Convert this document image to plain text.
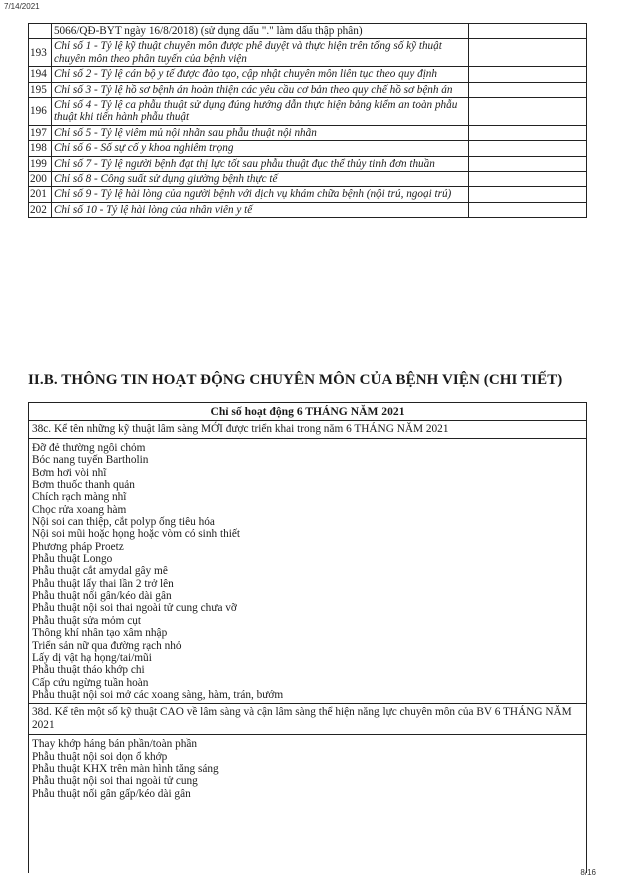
7/14/2021
	5066/QĐ-BYT ngày 16/8/2018) (sử dụng dấu "." làm dấu thập phân)	
193	Chỉ số 1 - Tỷ lệ kỹ thuật chuyên môn được phê duyệt và thực hiện trên tổng số kỹ thuật chuyên môn theo phân tuyến của bệnh viện	
194	Chỉ số 2 - Tỷ lệ cán bộ y tế được đào tạo, cập nhật chuyên môn liên tục theo quy định	
195	Chỉ số 3 - Tỷ lệ hồ sơ bệnh án hoàn thiện các yêu cầu cơ bản theo quy chế hồ sơ bệnh án	
196	Chỉ số 4 - Tỷ lệ ca phẫu thuật sử dụng đúng hướng dẫn thực hiện bảng kiểm an toàn phẫu thuật khi tiến hành phẫu thuật	
197	Chỉ số 5 - Tỷ lệ viêm mủ nội nhãn sau phẫu thuật nội nhãn	
198	Chỉ số 6 - Số sự cố y khoa nghiêm trọng	
199	Chỉ số 7 - Tỷ lệ người bệnh đạt thị lực tốt sau phẫu thuật đục thể thủy tinh đơn thuần	
200	Chỉ số 8 - Công suất sử dụng giường bệnh thực tế	
201	Chỉ số 9 - Tỷ lệ hài lòng của người bệnh với dịch vụ khám chữa bệnh (nội trú, ngoại trú)	
202	Chỉ số 10 - Tỷ lệ hài lòng của nhân viên y tế	
II.B. THÔNG TIN HOẠT ĐỘNG CHUYÊN MÔN CỦA BỆNH VIỆN (CHI TIẾT)
Chỉ số hoạt động 6 THÁNG NĂM 2021
38c. Kể tên những kỹ thuật lâm sàng MỚI được triển khai trong năm 6 THÁNG NĂM 2021
Đỡ đẻ thường ngôi chỏm
Bóc nang tuyến Bartholin
Bơm hơi vòi nhĩ
Bơm thuốc thanh quản
Chích rạch màng nhĩ
Chọc rửa xoang hàm
Nội soi can thiệp, cắt polyp ống tiêu hóa
Nội soi mũi hoặc họng hoặc vòm có sinh thiết
Phương pháp Proetz
Phẫu thuật Longo
Phẫu thuật cắt amydal gây mê
Phẫu thuật lấy thai lần 2 trở lên
Phẫu thuật nối gân/kéo dài gân
Phẫu thuật nội soi thai ngoài tử cung chưa vỡ
Phẫu thuật sửa mỏm cụt
Thông khí nhân tạo xâm nhập
Triển sản nữ qua đường rạch nhỏ
Lấy dị vật hạ họng/tai/mũi
Phẫu thuật tháo khớp chi
Cấp cứu ngừng tuần hoàn
Phẫu thuật nội soi mở các xoang sàng, hàm, trán, bướm
38d. Kể tên một số kỹ thuật CAO về lâm sàng và cận lâm sàng thể hiện năng lực chuyên môn của BV 6 THÁNG NĂM 2021
Thay khớp háng bán phần/toàn phần
Phẫu thuật nội soi dọn ổ khớp
Phẫu thuật KHX trên màn hình tăng sáng
Phẫu thuật nội soi thai ngoài tử cung
Phẫu thuật nối gân gấp/kéo dài gân
8/16
